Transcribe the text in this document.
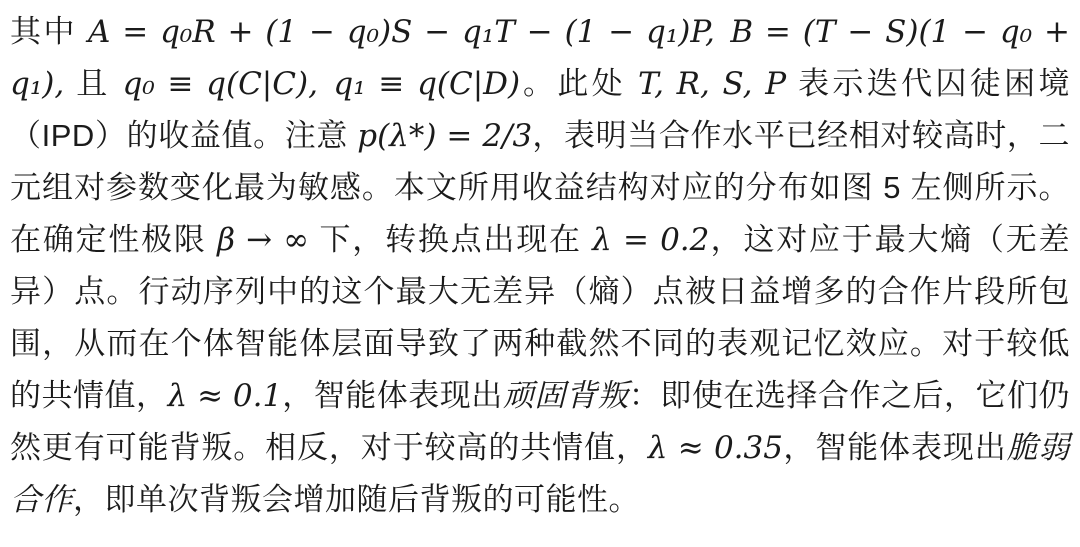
其中 A = q₀R + (1 − q₀)S − q₁T − (1 − q₁)P, B = (T − S)(1 − q₀ + q₁), 且 q₀ ≡ q(C|C), q₁ ≡ q(C|D)。此处 T, R, S, P 表示迭代囚徒困境（IPD）的收益值。注意 p(λ*) = 2/3，表明当合作水平已经相对较高时，二元组对参数变化最为敏感。本文所用收益结构对应的分布如图 5 左侧所示。在确定性极限 β → ∞ 下，转换点出现在 λ = 0.2，这对应于最大熵（无差异）点。行动序列中的这个最大无差异（熵）点被日益增多的合作片段所包围，从而在个体智能体层面导致了两种截然不同的表观记忆效应。对于较低的共情值，λ ≈ 0.1，智能体表现出顽固背叛：即使在选择合作之后，它们仍然更有可能背叛。相反，对于较高的共情值，λ ≈ 0.35，智能体表现出脆弱合作，即单次背叛会增加随后背叛的可能性。
